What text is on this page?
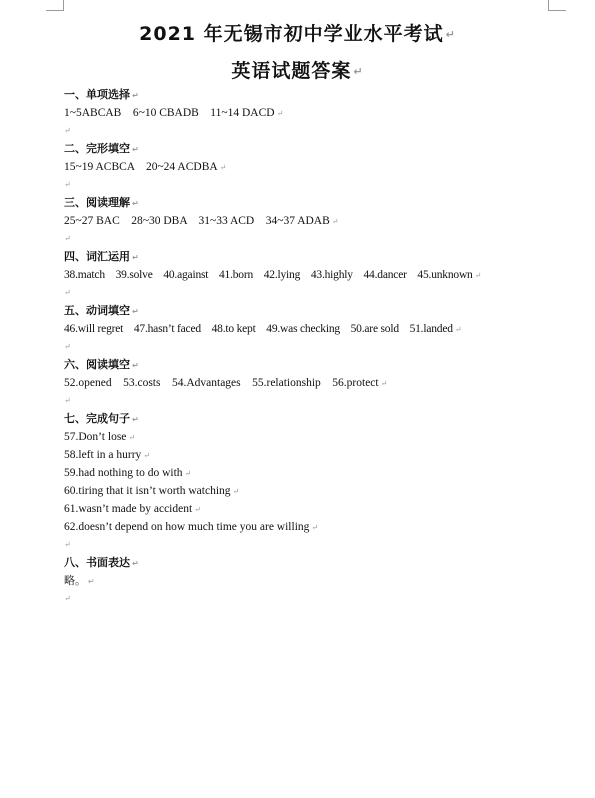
2021 年无锡市初中学业水平考试 ↵
英语试题答案 ↵
一、单项选择 ↵
1~5ABCAB    6~10 CBADB    11~14 DACD ↵
↵
二、完形填空 ↵
15~19 ACBCA    20~24 ACDBA ↵
↵
三、阅读理解 ↵
25~27 BAC    28~30 DBA    31~33 ACD    34~37 ADAB ↵
↵
四、词汇运用 ↵
38.match    39.solve    40.against    41.born    42.lying    43.highly    44.dancer    45.unknown ↵
↵
五、动词填空 ↵
46.will regret    47.hasn’t faced    48.to kept    49.was checking    50.are sold    51.landed ↵
↵
六、阅读填空 ↵
52.opened    53.costs    54.Advantages    55.relationship    56.protect ↵
↵
七、完成句子 ↵
57.Don’t lose ↵
58.left in a hurry ↵
59.had nothing to do with ↵
60.tiring that it isn’t worth watching ↵
61.wasn’t made by accident ↵
62.doesn’t depend on how much time you are willing ↵
↵
八、书面表达 ↵
略。 ↵
↵
